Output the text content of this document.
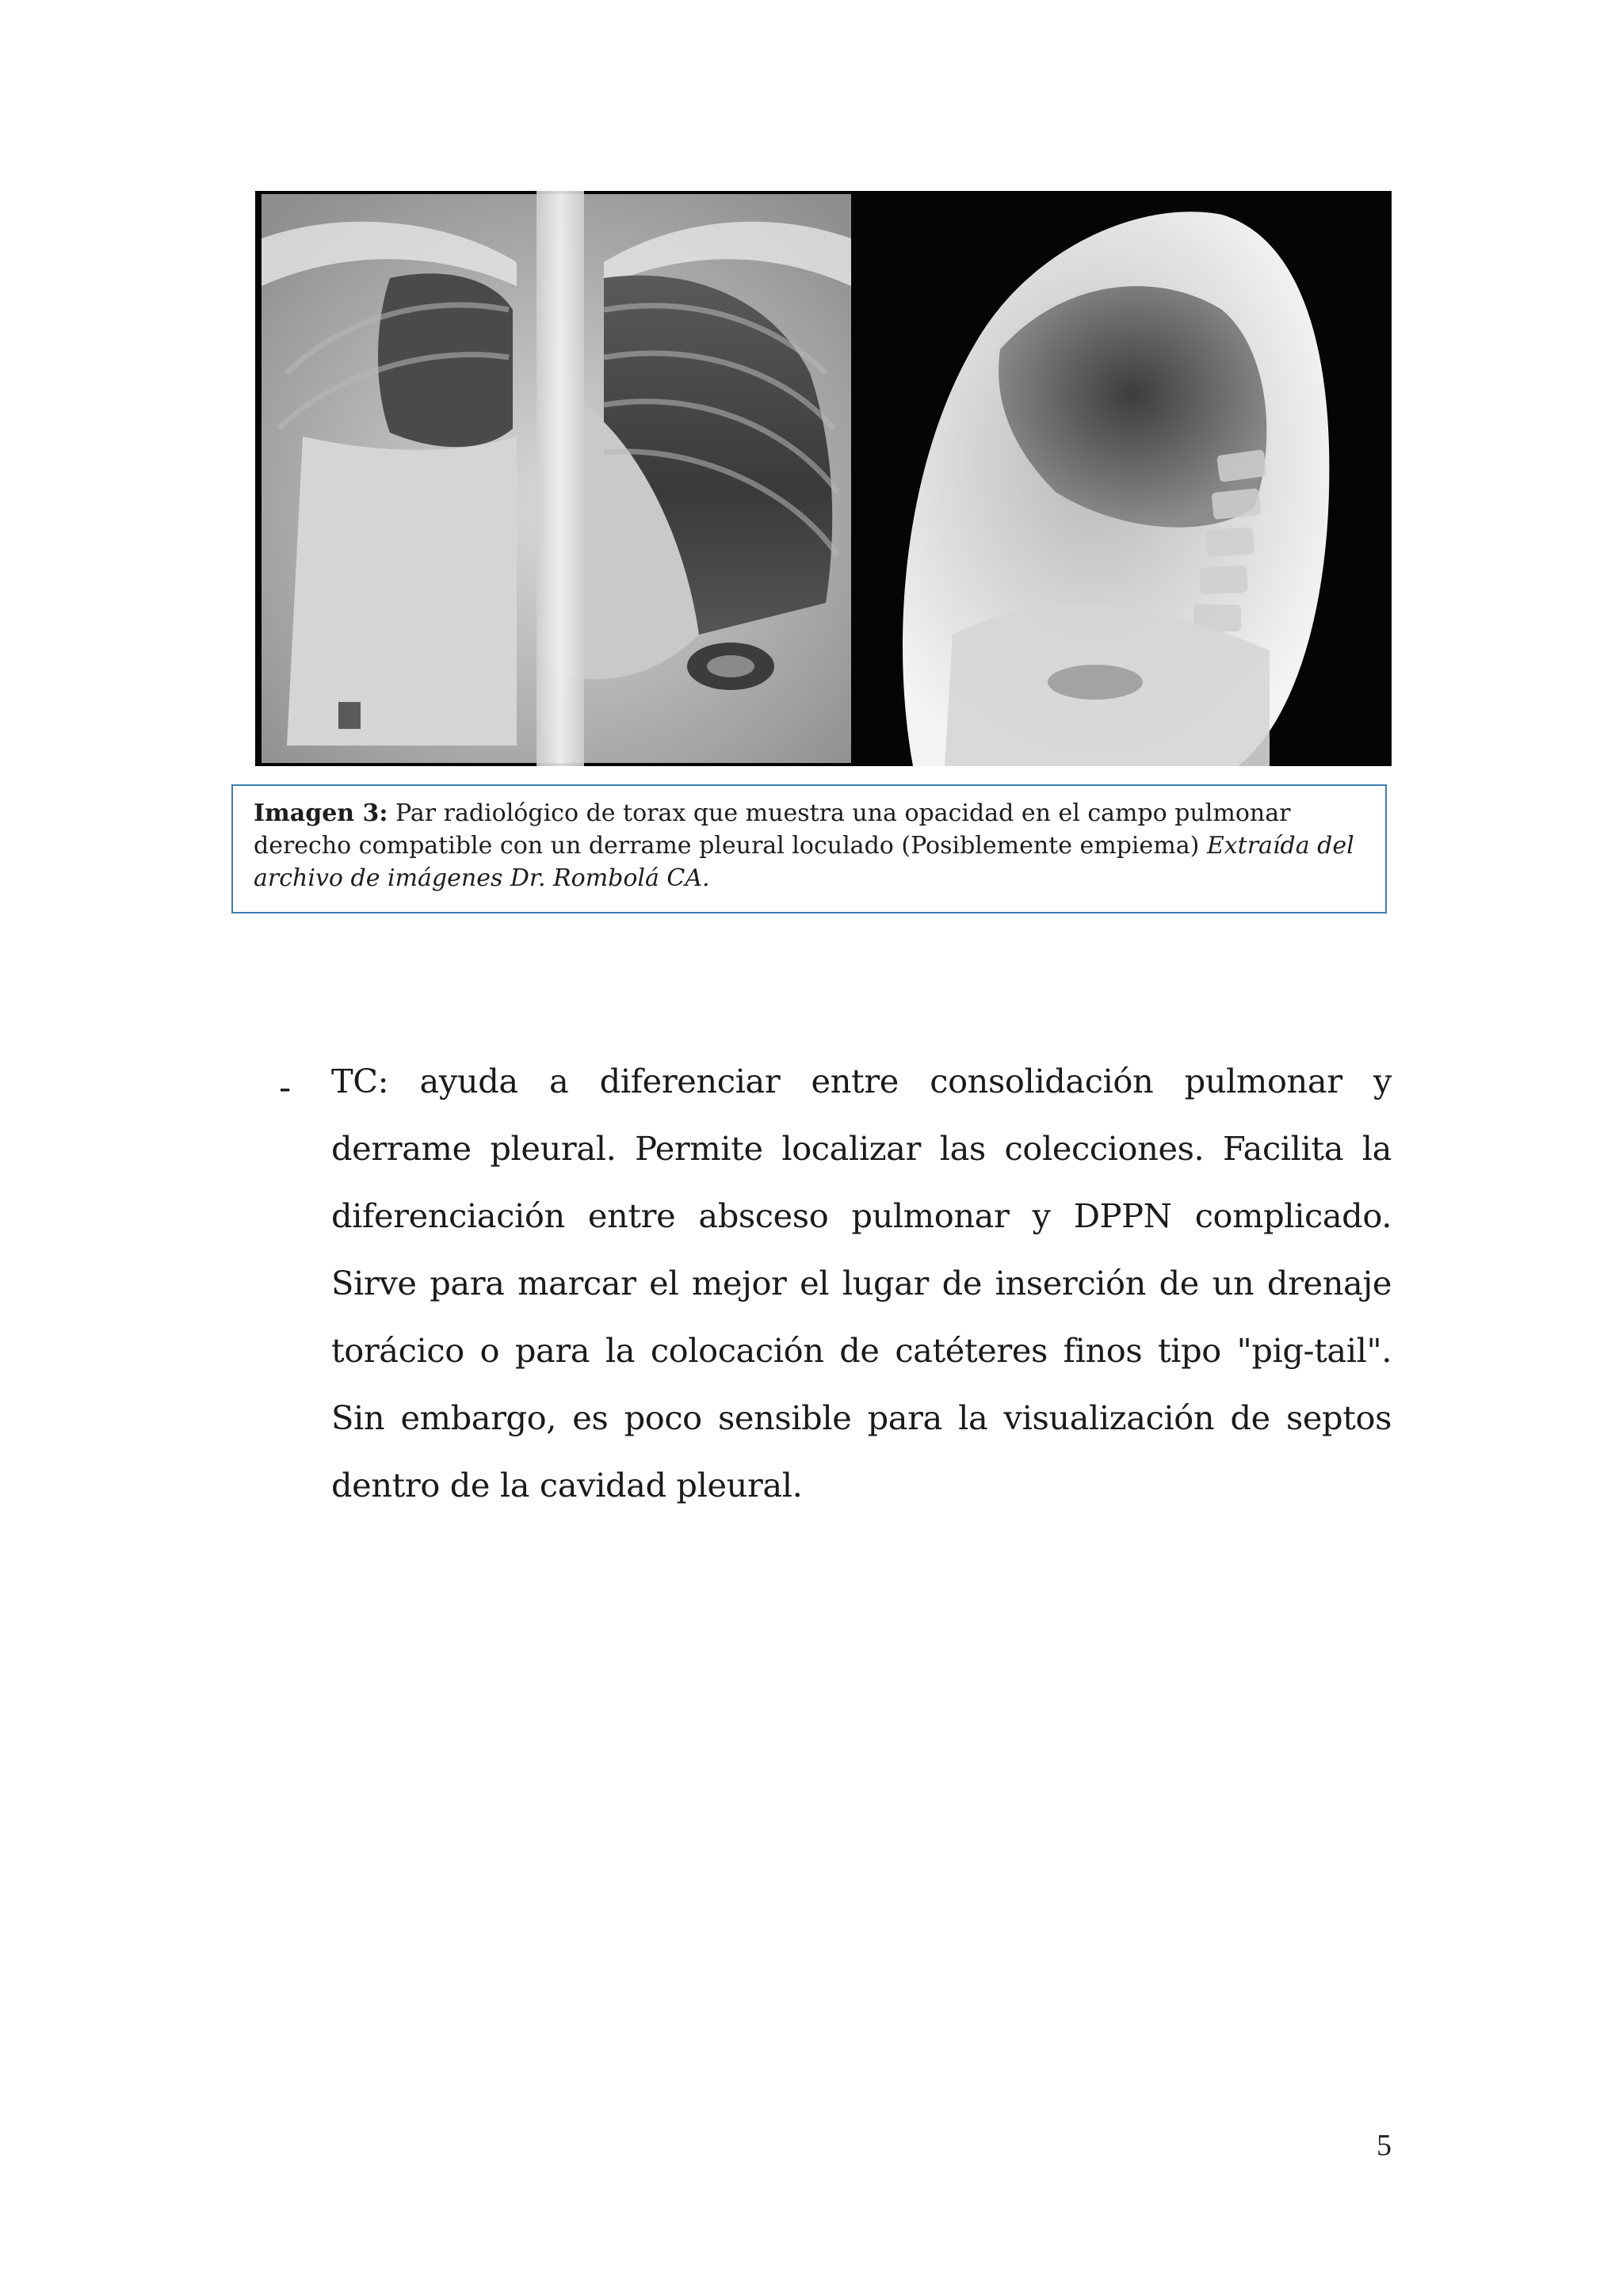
Imagen 3: Par radiológico de torax que muestra una opacidad en el campo pulmonar derecho compatible con un derrame pleural loculado (Posiblemente empiema) Extraída del archivo de imágenes Dr. Rombolá CA.
- TC: ayuda a diferenciar entre consolidación pulmonar y derrame pleural. Permite localizar las colecciones. Facilita la diferenciación entre absceso pulmonar y DPPN complicado. Sirve para marcar el mejor el lugar de inserción de un drenaje torácico o para la colocación de catéteres finos tipo "pig-tail". Sin embargo, es poco sensible para la visualización de septos dentro de la cavidad pleural.
5
